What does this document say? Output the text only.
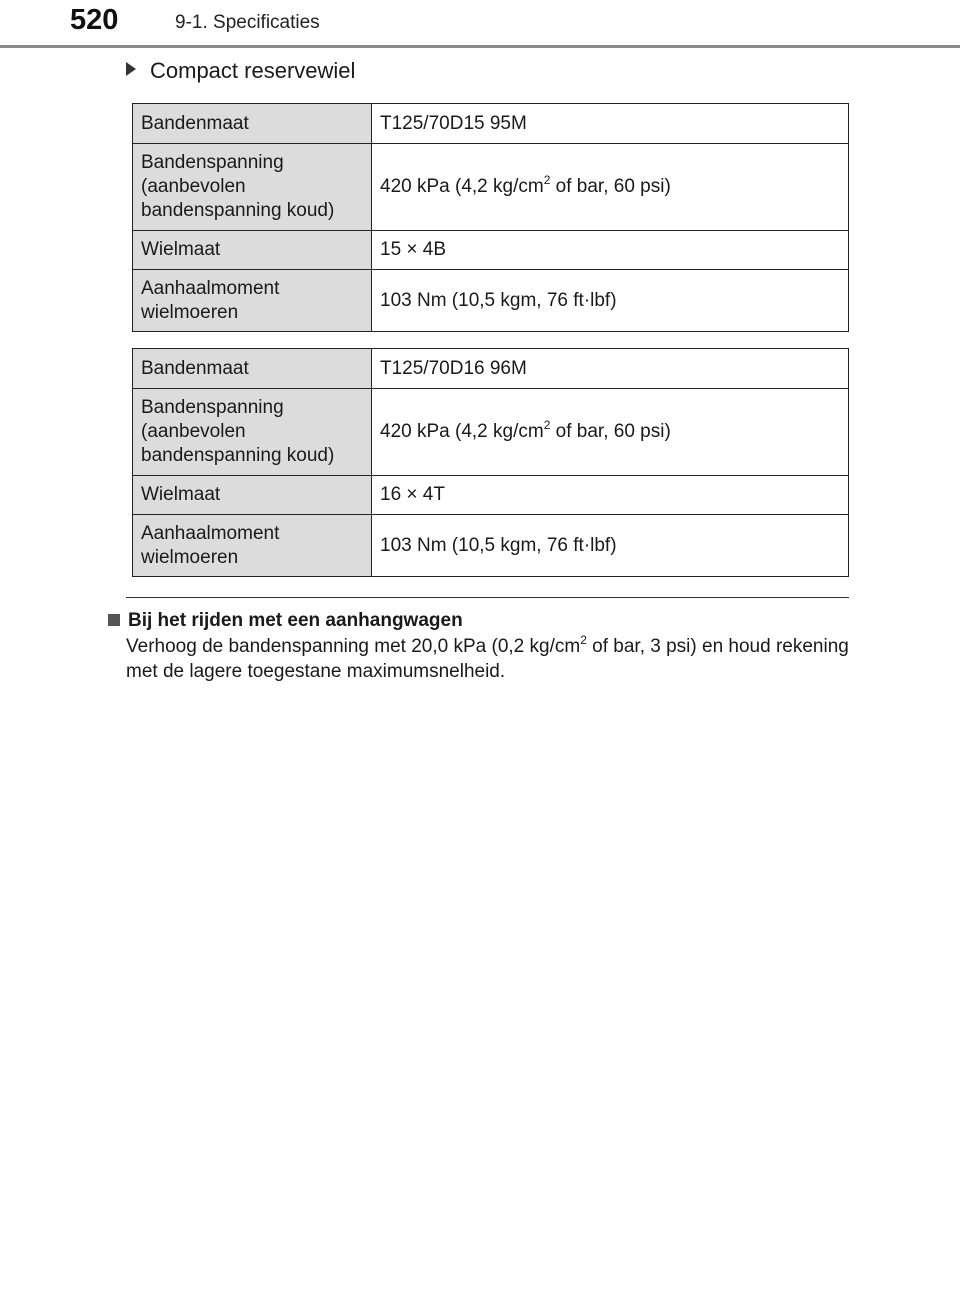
520	9-1. Specificaties
Compact reservewiel
Bandenmaat	T125/70D15 95M
Bandenspanning (aanbevolen bandenspanning koud)	420 kPa (4,2 $kg/cm^2$ of bar, 60 psi)
Wielmaat	15 × 4B
Aanhaalmoment wielmoeren	103 Nm (10,5 kgm, 76 ft·lbf)
Bandenmaat	T125/70D16 96M
Bandenspanning (aanbevolen bandenspanning koud)	420 kPa (4,2 $kg/cm^2$ of bar, 60 psi)
Wielmaat	16 × 4T
Aanhaalmoment wielmoeren	103 Nm (10,5 kgm, 76 ft·lbf)
Bij het rijden met een aanhangwagen
Verhoog de bandenspanning met 20,0 kPa (0,2 $kg/cm^2$ of bar, 3 psi) en houd rekening met de lagere toegestane maximumsnelheid.
